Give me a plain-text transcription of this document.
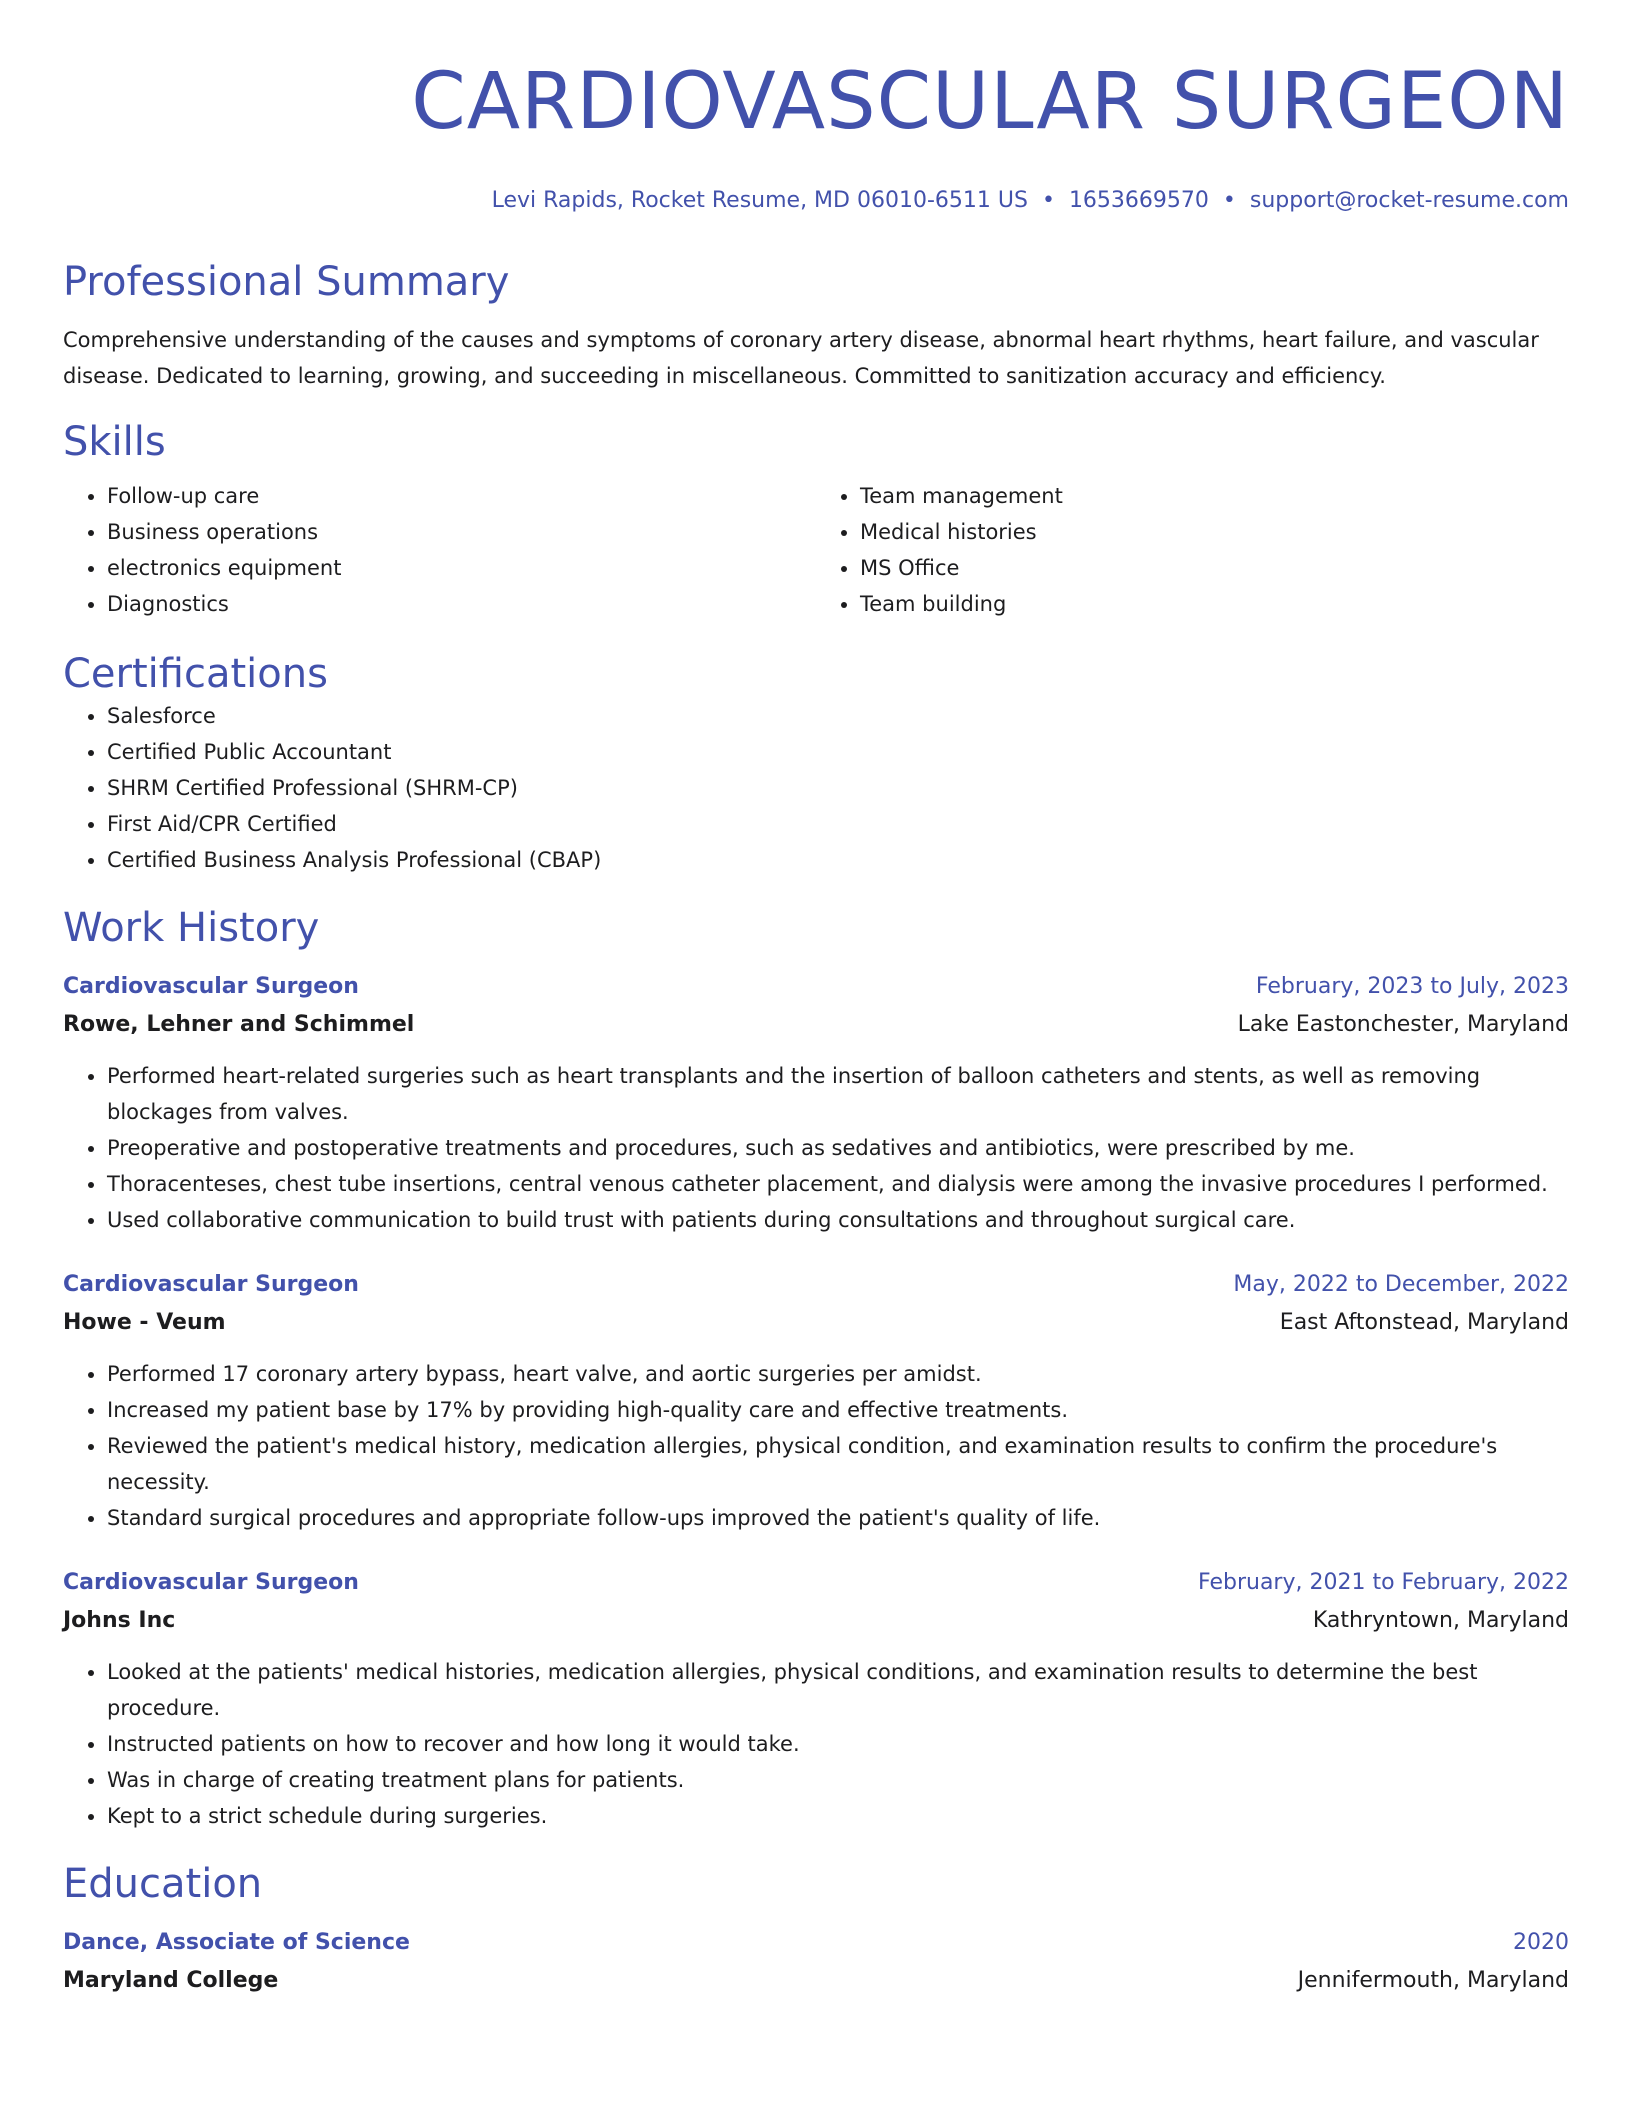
CARDIOVASCULAR SURGEON
Levi Rapids, Rocket Resume, MD 06010-6511 US • 1653669570 • support@rocket-resume.com
Professional Summary
Comprehensive understanding of the causes and symptoms of coronary artery disease, abnormal heart rhythms, heart failure, and vascular disease. Dedicated to learning, growing, and succeeding in miscellaneous. Committed to sanitization accuracy and efficiency.
Skills
• Follow-up care
• Business operations
• electronics equipment
• Diagnostics
• Team management
• Medical histories
• MS Office
• Team building
Certifications
• Salesforce
• Certified Public Accountant
• SHRM Certified Professional (SHRM-CP)
• First Aid/CPR Certified
• Certified Business Analysis Professional (CBAP)
Work History
Cardiovascular Surgeon	February, 2023 to July, 2023
Rowe, Lehner and Schimmel	Lake Eastonchester, Maryland
• Performed heart-related surgeries such as heart transplants and the insertion of balloon catheters and stents, as well as removing blockages from valves.
• Preoperative and postoperative treatments and procedures, such as sedatives and antibiotics, were prescribed by me.
• Thoracenteses, chest tube insertions, central venous catheter placement, and dialysis were among the invasive procedures I performed.
• Used collaborative communication to build trust with patients during consultations and throughout surgical care.
Cardiovascular Surgeon	May, 2022 to December, 2022
Howe - Veum	East Aftonstead, Maryland
• Performed 17 coronary artery bypass, heart valve, and aortic surgeries per amidst.
• Increased my patient base by 17% by providing high-quality care and effective treatments.
• Reviewed the patient's medical history, medication allergies, physical condition, and examination results to confirm the procedure's necessity.
• Standard surgical procedures and appropriate follow-ups improved the patient's quality of life.
Cardiovascular Surgeon	February, 2021 to February, 2022
Johns Inc	Kathryntown, Maryland
• Looked at the patients' medical histories, medication allergies, physical conditions, and examination results to determine the best procedure.
• Instructed patients on how to recover and how long it would take.
• Was in charge of creating treatment plans for patients.
• Kept to a strict schedule during surgeries.
Education
Dance, Associate of Science	2020
Maryland College	Jennifermouth, Maryland
